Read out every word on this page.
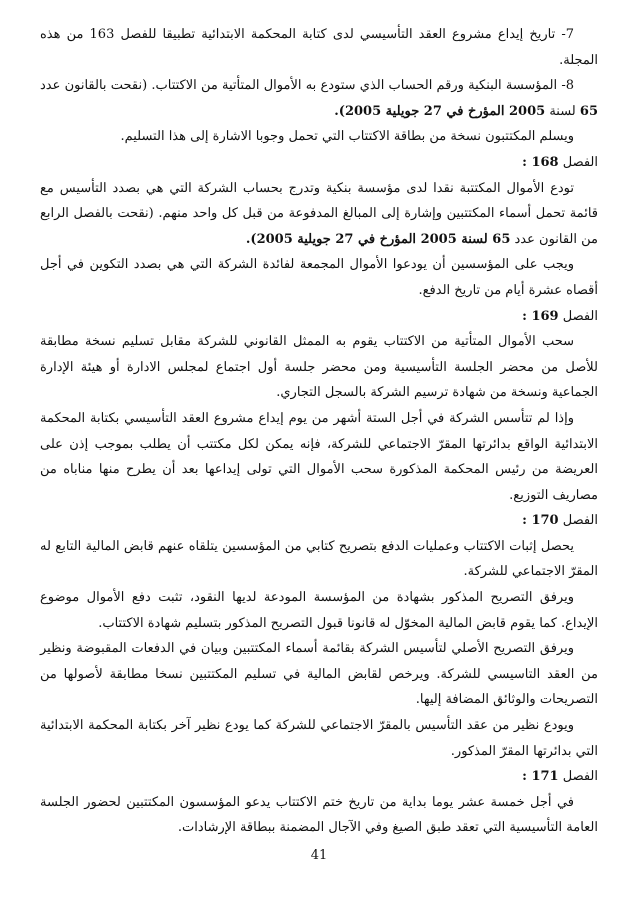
7- تاريخ إيداع مشروع العقد التأسيسي لدى كتابة المحكمة الابتدائية تطبيقا للفصل 163 من هذه المجلة.

8- المؤسسة البنكية ورقم الحساب الذي ستودع به الأموال المتأتية من الاكتتاب. (نقحت بالقانون عدد 65 لسنة 2005 المؤرخ في 27 جويلية 2005).

ويسلم المكتتبون نسخة من بطاقة الاكتتاب التي تحمل وجوبا الاشارة إلى هذا التسليم.

الفصل 168 :

تودع الأموال المكتتبة نقدا لدى مؤسسة بنكية وتدرج بحساب الشركة التي هي بصدد التأسيس مع قائمة تحمل أسماء المكتتبين وإشارة إلى المبالغ المدفوعة من قبل كل واحد منهم. (نقحت بالفصل الرابع من القانون عدد 65 لسنة 2005 المؤرخ في 27 جويلية 2005).

ويجب على المؤسسين أن يودعوا الأموال المجمعة لفائدة الشركة التي هي بصدد التكوين في أجل أقصاه عشرة أيام من تاريخ الدفع.

الفصل 169 :

سحب الأموال المتأتية من الاكتتاب يقوم به الممثل القانوني للشركة مقابل تسليم نسخة مطابقة للأصل من محضر الجلسة التأسيسية ومن محضر جلسة أول اجتماع لمجلس الادارة أو هيئة الإدارة الجماعية ونسخة من شهادة ترسيم الشركة بالسجل التجاري.

وإذا لم تتأسس الشركة في أجل الستة أشهر من يوم إيداع مشروع العقد التأسيسي بكتابة المحكمة الابتدائية الواقع بدائرتها المقرّ الاجتماعي للشركة، فإنه يمكن لكل مكتتب أن يطلب بموجب إذن على العريضة من رئيس المحكمة المذكورة سحب الأموال التي تولى إيداعها بعد أن يطرح منها مناباه من مصاريف التوزيع.

الفصل 170 :

يحصل إثبات الاكتتاب وعمليات الدفع بتصريح كتابي من المؤسسين يتلقاه عنهم قابض المالية التابع له المقرّ الاجتماعي للشركة.

ويرفق التصريح المذكور بشهادة من المؤسسة المودعة لديها النقود، تثبت دفع الأموال موضوع الإيداع. كما يقوم قابض المالية المخوّل له قانونا قبول التصريح المذكور بتسليم شهادة الاكتتاب.

ويرفق التصريح الأصلي لتأسيس الشركة بقائمة أسماء المكتتبين وبيان في الدفعات المقبوضة ونظير من العقد التاسيسي للشركة. ويرخص لقابض المالية في تسليم المكتتبين نسخا مطابقة لأصولها من التصريحات والوثائق المضافة إليها.

ويودع نظير من عقد التأسيس بالمقرّ الاجتماعي للشركة كما يودع نظير آخر بكتابة المحكمة الابتدائية التي بدائرتها المقرّ المذكور.

الفصل 171 :

في أجل خمسة عشر يوما بداية من تاريخ ختم الاكتتاب يدعو المؤسسون المكتتبين لحضور الجلسة العامة التأسيسية التي تعقد طبق الصيغ وفي الآجال المضمنة ببطاقة الإرشادات.

41
